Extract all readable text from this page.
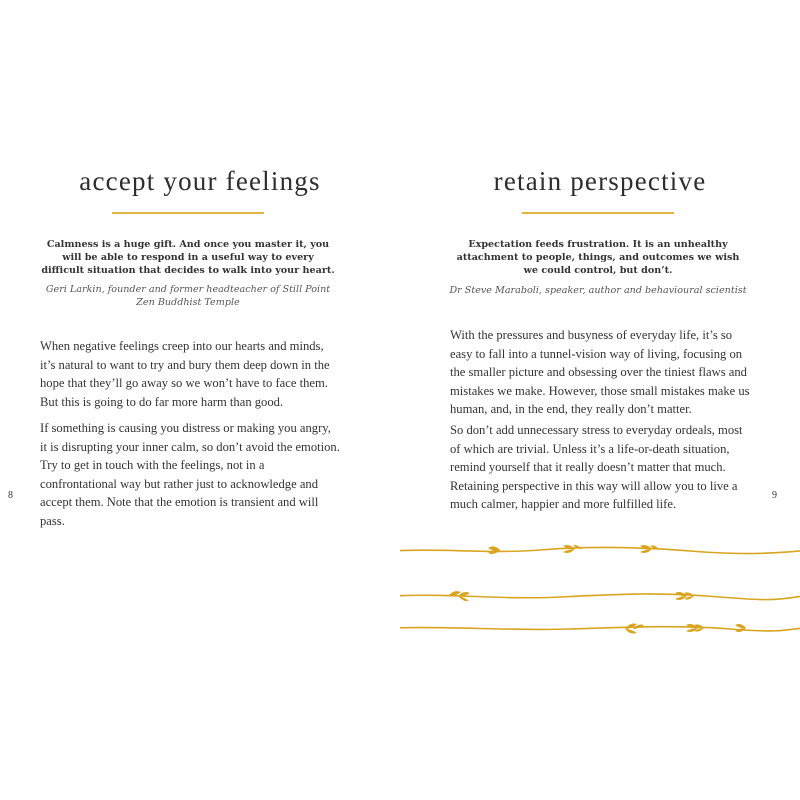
accept your feelings

Calmness is a huge gift. And once you master it, you will be able to respond in a useful way to every difficult situation that decides to walk into your heart.

Geri Larkin, founder and former headteacher of Still Point Zen Buddhist Temple

When negative feelings creep into our hearts and minds, it’s natural to want to try and bury them deep down in the hope that they’ll go away so we won’t have to face them. But this is going to do far more harm than good.

If something is causing you distress or making you angry, it is disrupting your inner calm, so don’t avoid the emotion. Try to get in touch with the feelings, not in a confrontational way but rather just to acknowledge and accept them. Note that the emotion is transient and will pass.

8
retain perspective

Expectation feeds frustration. It is an unhealthy attachment to people, things, and outcomes we wish we could control, but don’t.

Dr Steve Maraboli, speaker, author and behavioural scientist

With the pressures and busyness of everyday life, it’s so easy to fall into a tunnel-vision way of living, focusing on the smaller picture and obsessing over the tiniest flaws and mistakes we make. However, those small mistakes make us human, and, in the end, they really don’t matter.

So don’t add unnecessary stress to everyday ordeals, most of which are trivial. Unless it’s a life-or-death situation, remind yourself that it really doesn’t matter that much. Retaining perspective in this way will allow you to live a much calmer, happier and more fulfilled life.

9
